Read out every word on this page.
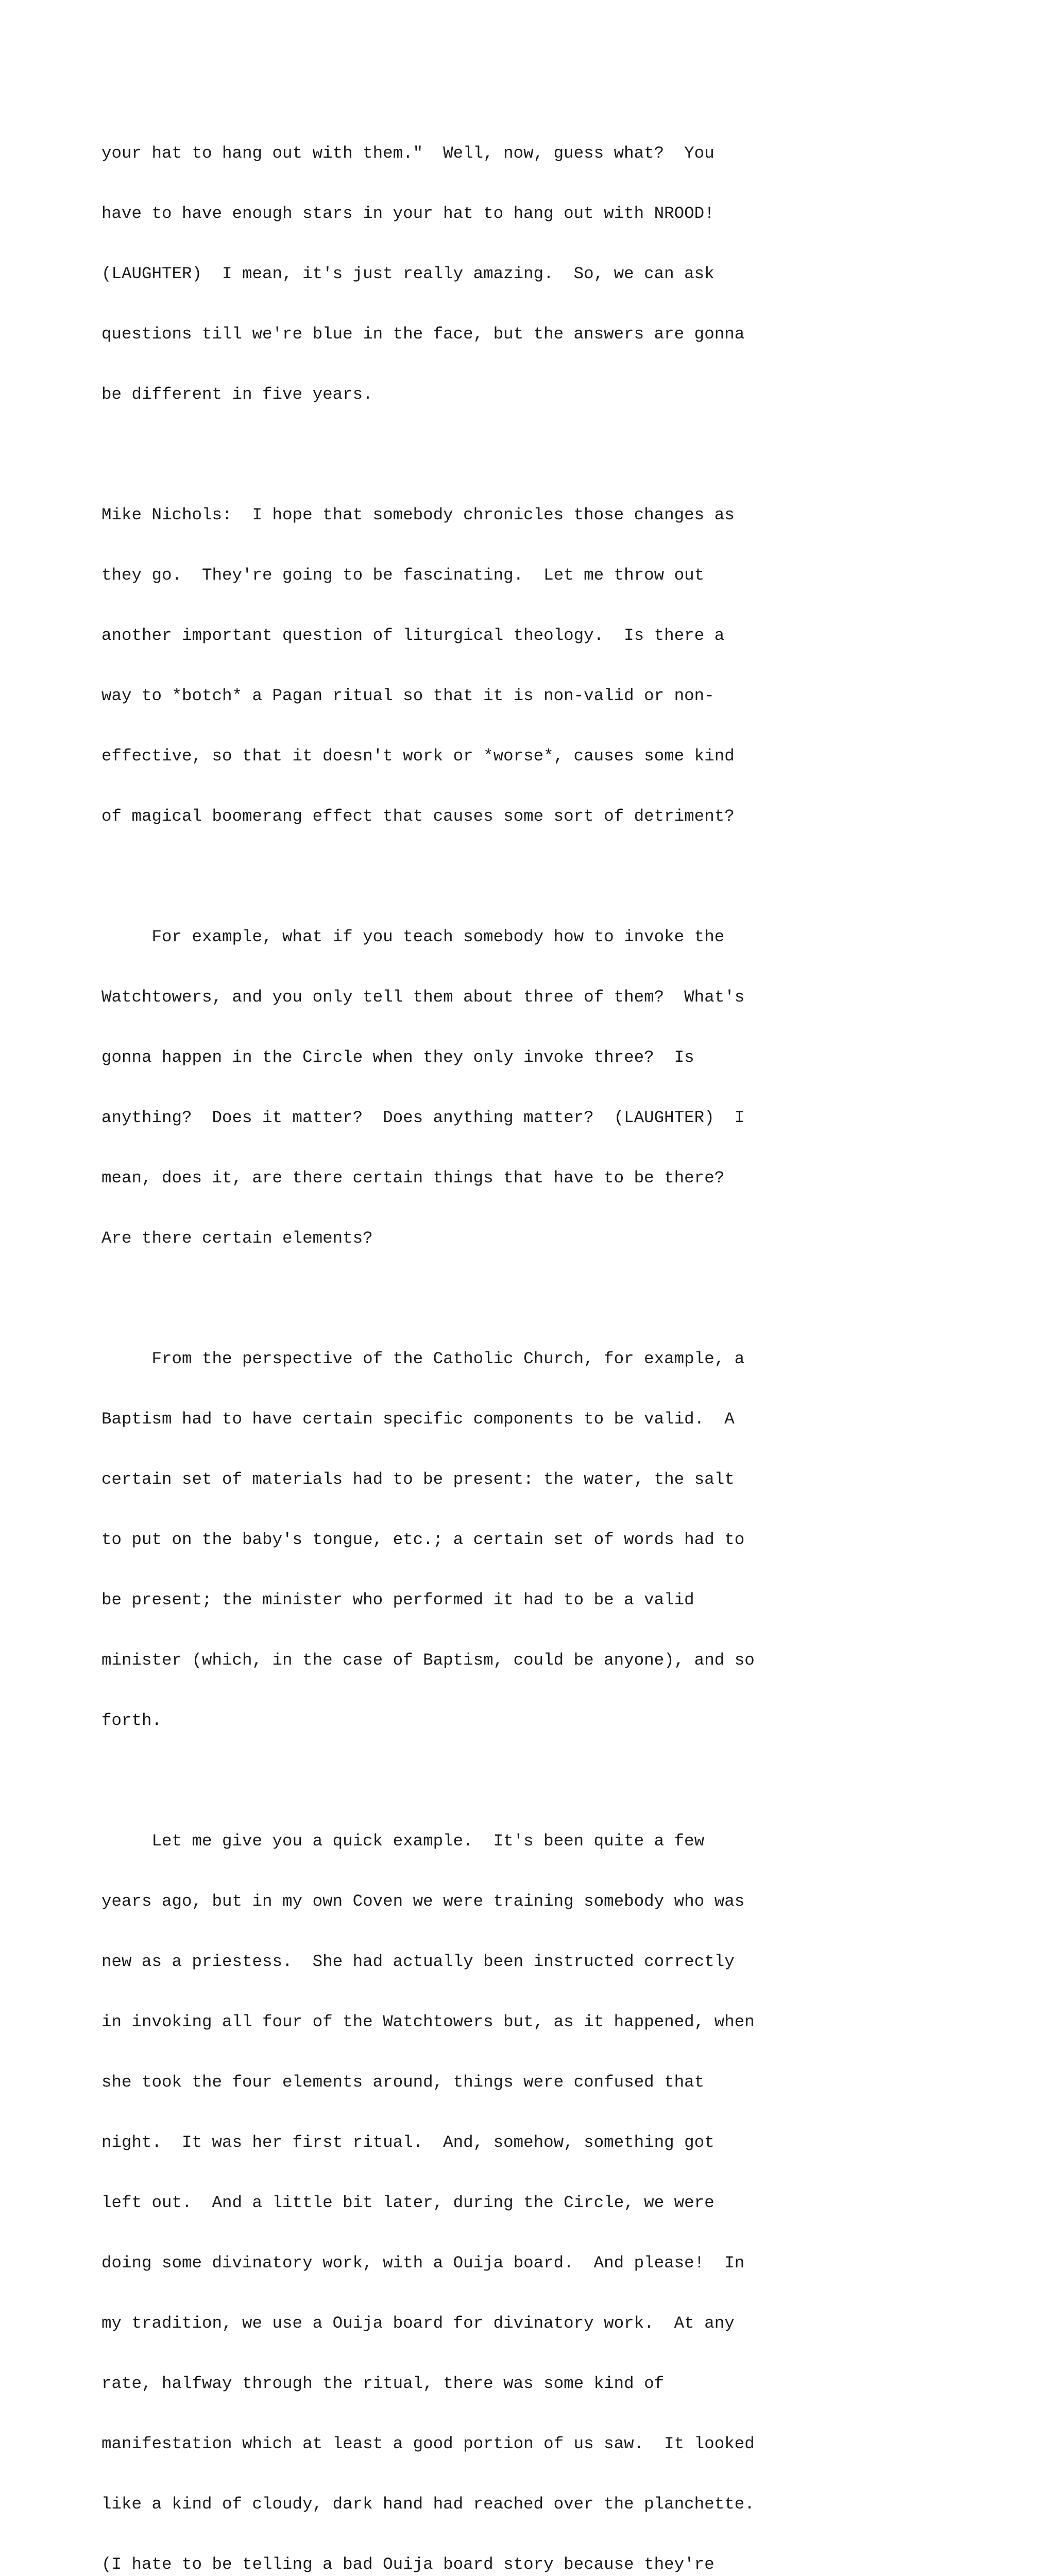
your hat to hang out with them."  Well, now, guess what?  You

have to have enough stars in your hat to hang out with NROOD!

(LAUGHTER)  I mean, it's just really amazing.  So, we can ask

questions till we're blue in the face, but the answers are gonna

be different in five years.

Mike Nichols:  I hope that somebody chronicles those changes as

they go.  They're going to be fascinating.  Let me throw out

another important question of liturgical theology.  Is there a

way to *botch* a Pagan ritual so that it is non-valid or non-

effective, so that it doesn't work or *worse*, causes some kind

of magical boomerang effect that causes some sort of detriment?

For example, what if you teach somebody how to invoke the

Watchtowers, and you only tell them about three of them?  What's

gonna happen in the Circle when they only invoke three?  Is

anything?  Does it matter?  Does anything matter?  (LAUGHTER)  I

mean, does it, are there certain things that have to be there?

Are there certain elements?

From the perspective of the Catholic Church, for example, a

Baptism had to have certain specific components to be valid.  A

certain set of materials had to be present: the water, the salt

to put on the baby's tongue, etc.; a certain set of words had to

be present; the minister who performed it had to be a valid

minister (which, in the case of Baptism, could be anyone), and so

forth.

Let me give you a quick example.  It's been quite a few

years ago, but in my own Coven we were training somebody who was

new as a priestess.  She had actually been instructed correctly

in invoking all four of the Watchtowers but, as it happened, when

she took the four elements around, things were confused that

night.  It was her first ritual.  And, somehow, something got

left out.  And a little bit later, during the Circle, we were

doing some divinatory work, with a Ouija board.  And please!  In

my tradition, we use a Ouija board for divinatory work.  At any

rate, halfway through the ritual, there was some kind of

manifestation which at least a good portion of us saw.  It looked

like a kind of cloudy, dark hand had reached over the planchette.

(I hate to be telling a bad Ouija board story because they're
